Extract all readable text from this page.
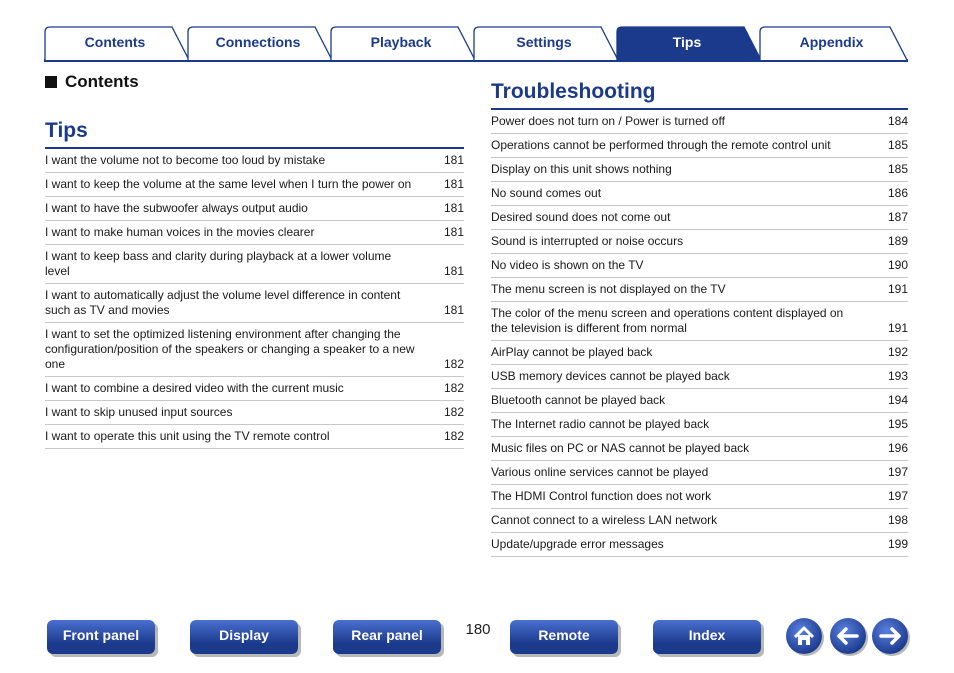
Contents	Connections	Playback	Settings	Tips	Appendix
Contents
Tips
I want the volume not to become too loud by mistake	181
I want to keep the volume at the same level when I turn the power on	181
I want to have the subwoofer always output audio	181
I want to make human voices in the movies clearer	181
I want to keep bass and clarity during playback at a lower volume level	181
I want to automatically adjust the volume level difference in content such as TV and movies	181
I want to set the optimized listening environment after changing the configuration/position of the speakers or changing a speaker to a new one	182
I want to combine a desired video with the current music	182
I want to skip unused input sources	182
I want to operate this unit using the TV remote control	182
Troubleshooting
Power does not turn on / Power is turned off	184
Operations cannot be performed through the remote control unit	185
Display on this unit shows nothing	185
No sound comes out	186
Desired sound does not come out	187
Sound is interrupted or noise occurs	189
No video is shown on the TV	190
The menu screen is not displayed on the TV	191
The color of the menu screen and operations content displayed on the television is different from normal	191
AirPlay cannot be played back	192
USB memory devices cannot be played back	193
Bluetooth cannot be played back	194
The Internet radio cannot be played back	195
Music files on PC or NAS cannot be played back	196
Various online services cannot be played	197
The HDMI Control function does not work	197
Cannot connect to a wireless LAN network	198
Update/upgrade error messages	199
Front panel	Display	Rear panel	180	Remote	Index
